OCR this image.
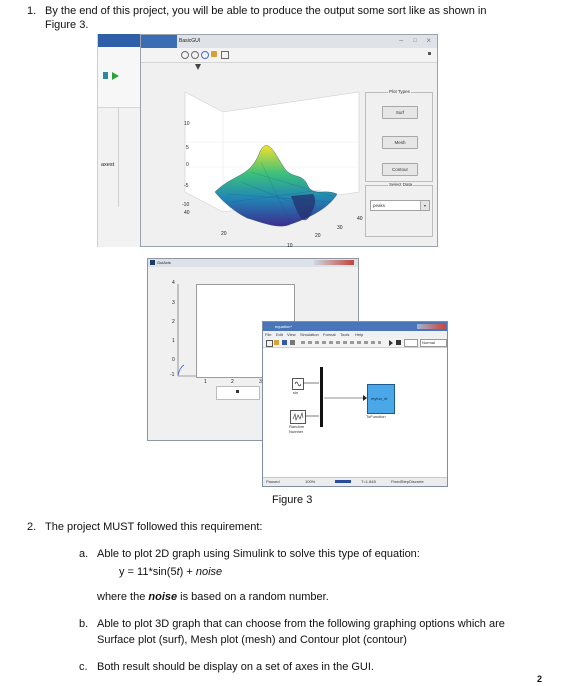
1. By the end of this project, you will be able to produce the output some sort like as shown in
Figure 3.
axest
BasicGUI	– □ ×
10
5
0
-5
-10
40
20
10
40
30
20
Plot Types
Surf
Mesh
Contour
Select Data
peaks	▾
GuiAxis
4
3
2
1
0
-1
1	2	3
equation*
File Edit View Simulation Format Tools Help
Normal
sin
Random
Number
myfun_sf
ToFunction
Paused	100%	T=1.845	FixedStepDiscrete
Figure 3
2. The project MUST followed this requirement:
a. Able to plot 2D graph using Simulink to solve this type of equation:
y = 11*sin(5t) + noise
where the noise is based on a random number.
b. Able to plot 3D graph that can choose from the following graphing options which are
Surface plot (surf), Mesh plot (mesh) and Contour plot (contour)
c. Both result should be display on a set of axes in the GUI.
2
